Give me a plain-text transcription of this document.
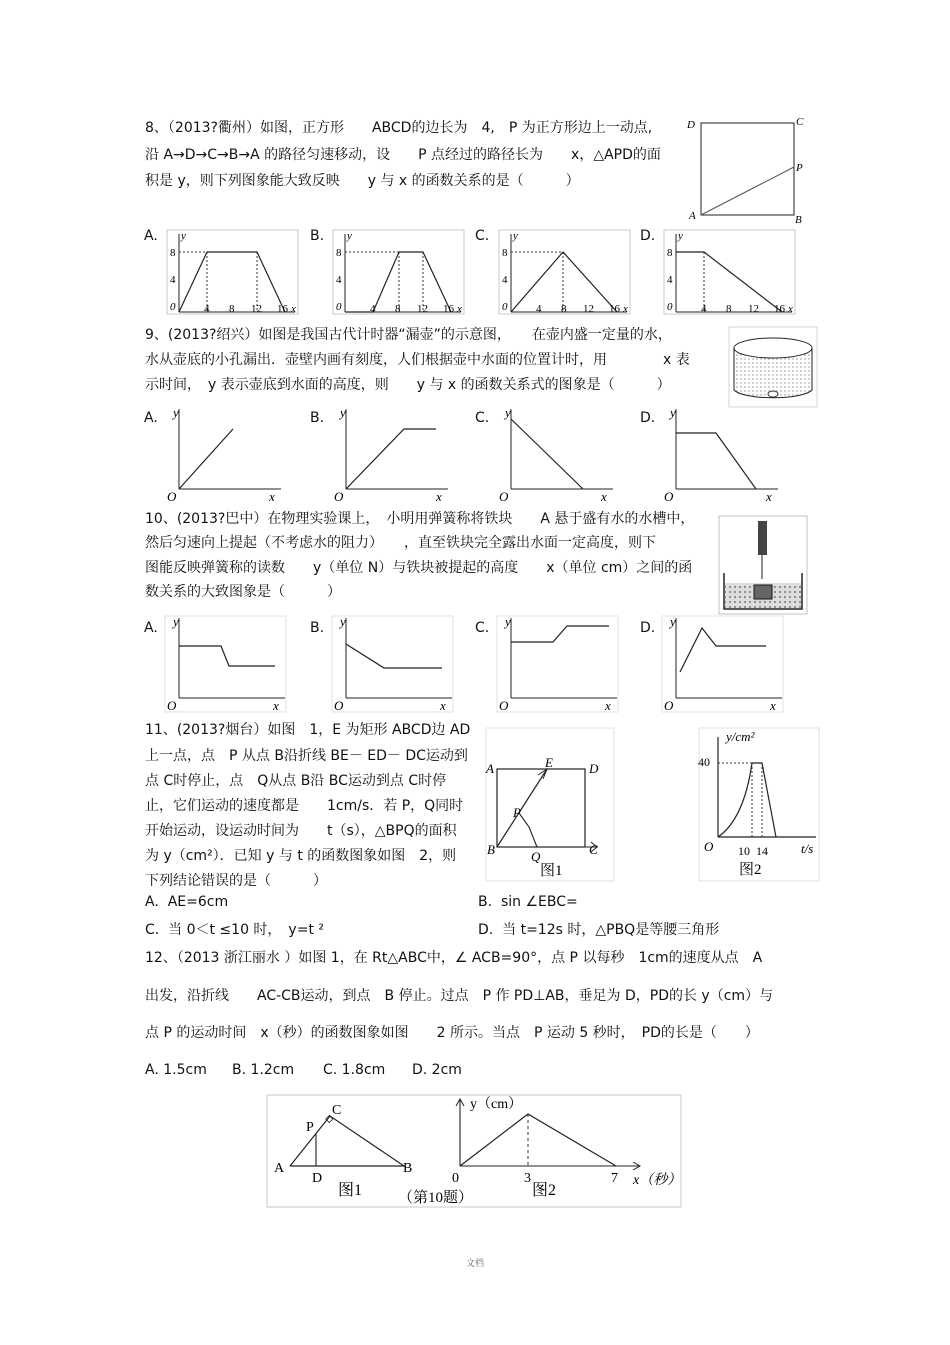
8、（2013?衢州）如图，正方形　　ABCD的边长为　4,　P 为正方形边上一动点,
沿 A→D→C→B→A 的路径匀速移动，设　　P 点经过的路径长为　　x，△APD的面
积是 y，则下列图象能大致反映　　y 与 x 的函数关系的是（　　　）
D	C
A	B
P
A.	B.	C.	D.
y
8
4
0	4 8 12 16 x
y
8
4
0	4 8 12 16 x
y
8
4
0	4 8 12 16 x
y
8
4
0	4 8 12 16 x
9、(2013?绍兴）如图是我国古代计时器“漏壶”的示意图，　　在壶内盛一定量的水，
水从壶底的小孔漏出．壶壁内画有刻度，人们根据壶中水面的位置计时，用　　　　x 表
示时间，　y 表示壶底到水面的高度，则　　y 与 x 的函数关系式的图象是（　　　）
A.	B.	C.	D.
y
O	x
y
O	x
y
O	x
y
O	x
10、(2013?巴中）在物理实验课上，　小明用弹簧称将铁块　　A 悬于盛有水的水槽中，
然后匀速向上提起（不考虑水的阻力）　　，直至铁块完全露出水面一定高度，则下
图能反映弹簧称的读数　　y（单位 N）与铁块被提起的高度　　x（单位 cm）之间的函
数关系的大致图象是（　　　）
A.	B.	C.	D.
y
O	x
y
O	x
y
O	x
y
O	x
11、(2013?烟台）如图　1，E 为矩形 ABCD边 AD
上一点，点　P 从点 B沿折线 BE－ ED－ DC运动到
点 C时停止，点　Q从点 B沿 BC运动到点 C时停
止，它们运动的速度都是　　1cm/s．若 P，Q同时
开始运动，设运动时间为　　t（s），△BPQ的面积
为 y（cm²）．已知 y 与 t 的函数图象如图　2，则
下列结论错误的是（　　　）
A	D
E
P
B	Q	C
图1
y/cm²
40
O 10 14	t/s
图2
A. AE=6cm	B. sin ∠EBC=
C. 当 0＜t ≤10 时，　y=t ²	D. 当 t=12s 时，△PBQ是等腰三角形
12、（2013 浙江丽水 ）如图 1，在 Rt△ABC中，∠ ACB=90°，点 P 以每秒　1cm的速度从点　A
出发，沿折线　　AC-CB运动，到点　B 停止。过点　P 作 PD⊥AB，垂足为 D，PD的长 y（cm）与
点 P 的运动时间　x（秒）的函数图象如图　　2 所示。当点　P 运动 5 秒时，　PD的长是（　　）
A. 1.5cm B. 1.2cm C. 1.8cm D. 2cm
A
P
C
D
B
图1
y（cm）
0	3	7 x（秒）
图2
（第10题）
文档
